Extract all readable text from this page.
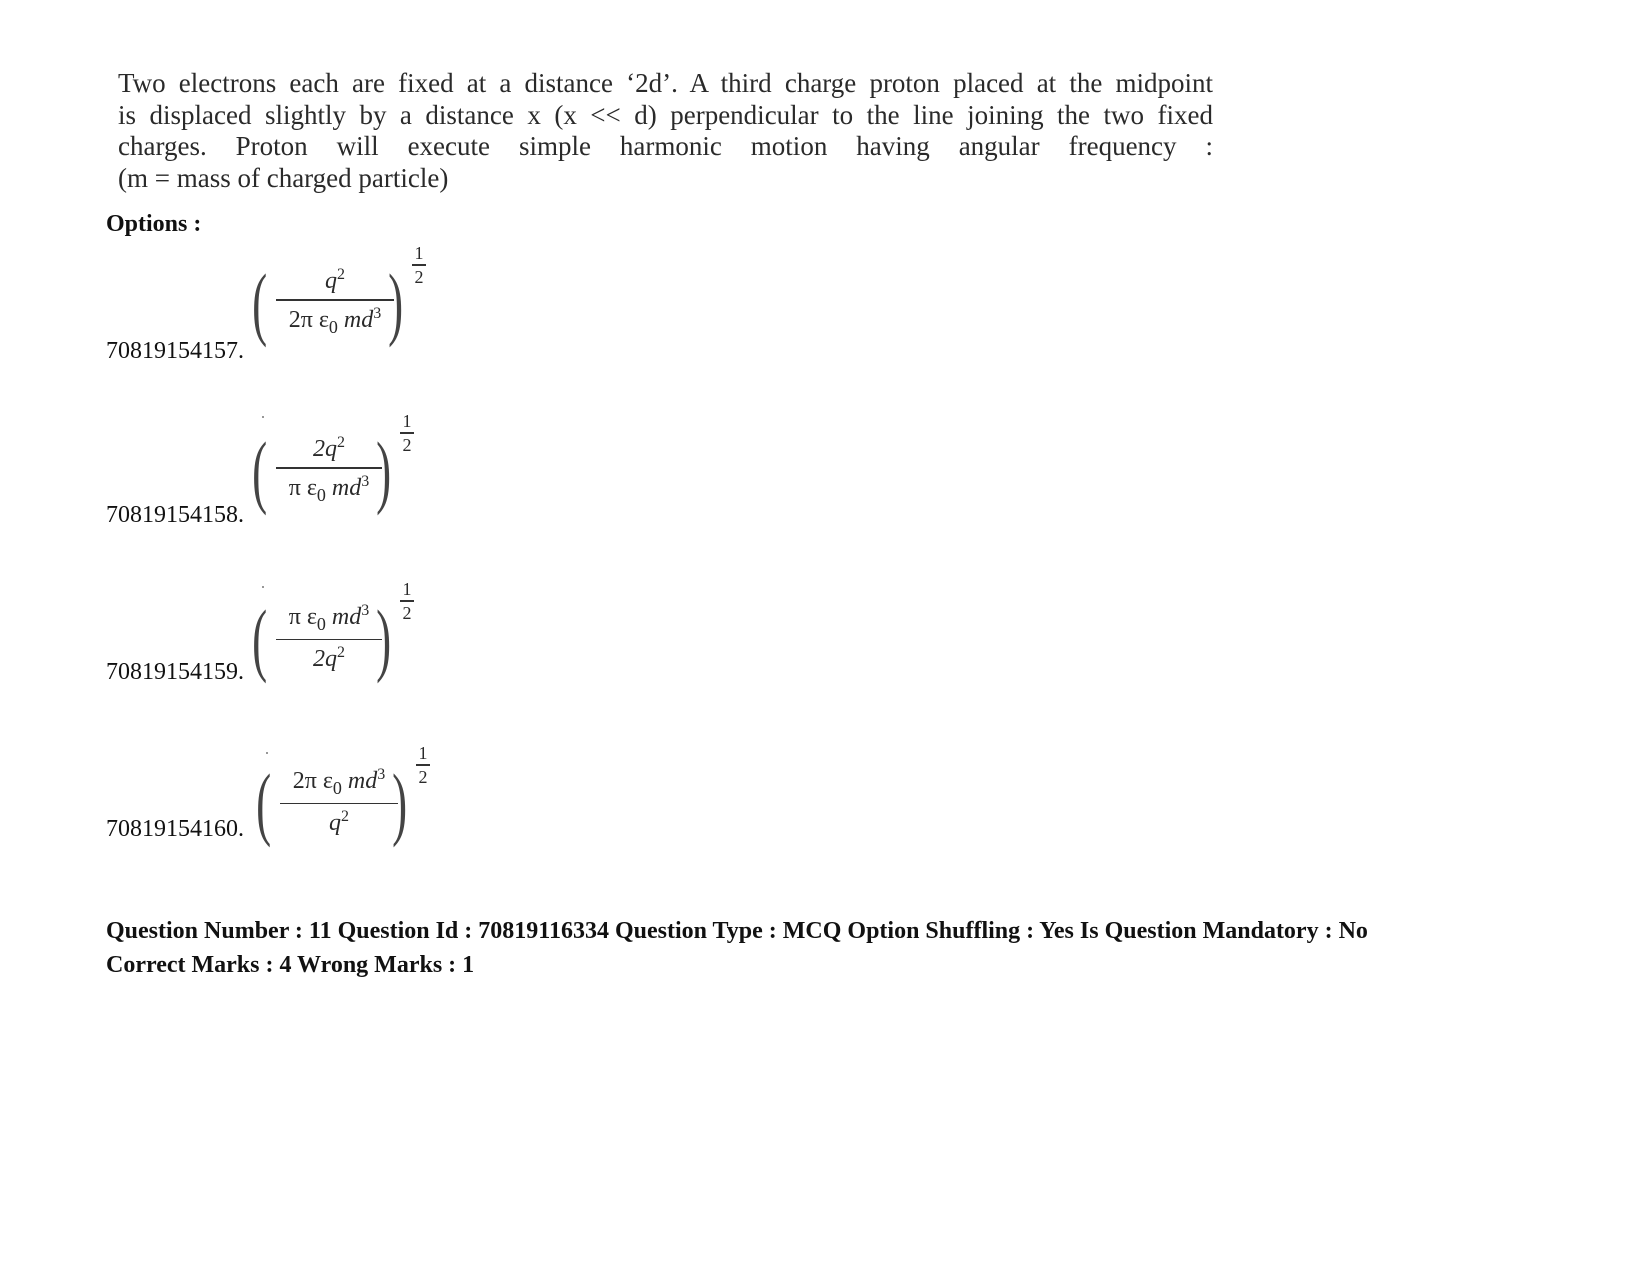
Two electrons each are fixed at a distance ‘2d’. A third charge proton placed at the midpoint
is displaced slightly by a distance x (x << d) perpendicular to the line joining the two fixed
charges. Proton will execute simple harmonic motion having angular frequency :
(m = mass of charged particle)
Options :
70819154157.
(	$q^2$
2π $\varepsilon_0$ $md^3$ )
1
2
70819154158. (	$2q^2$
π $\varepsilon_0$ $md^3$ )
1
2
70819154159. ( π $\varepsilon_0$ $md^3$
$2q^2$ )
1
2
70819154160. ( 2π $\varepsilon_0$ $md^3$
$q^2$ )
1
2
Question Number : 11 Question Id : 70819116334 Question Type : MCQ Option Shuffling : Yes Is Question Mandatory : No
Correct Marks : 4 Wrong Marks : 1
